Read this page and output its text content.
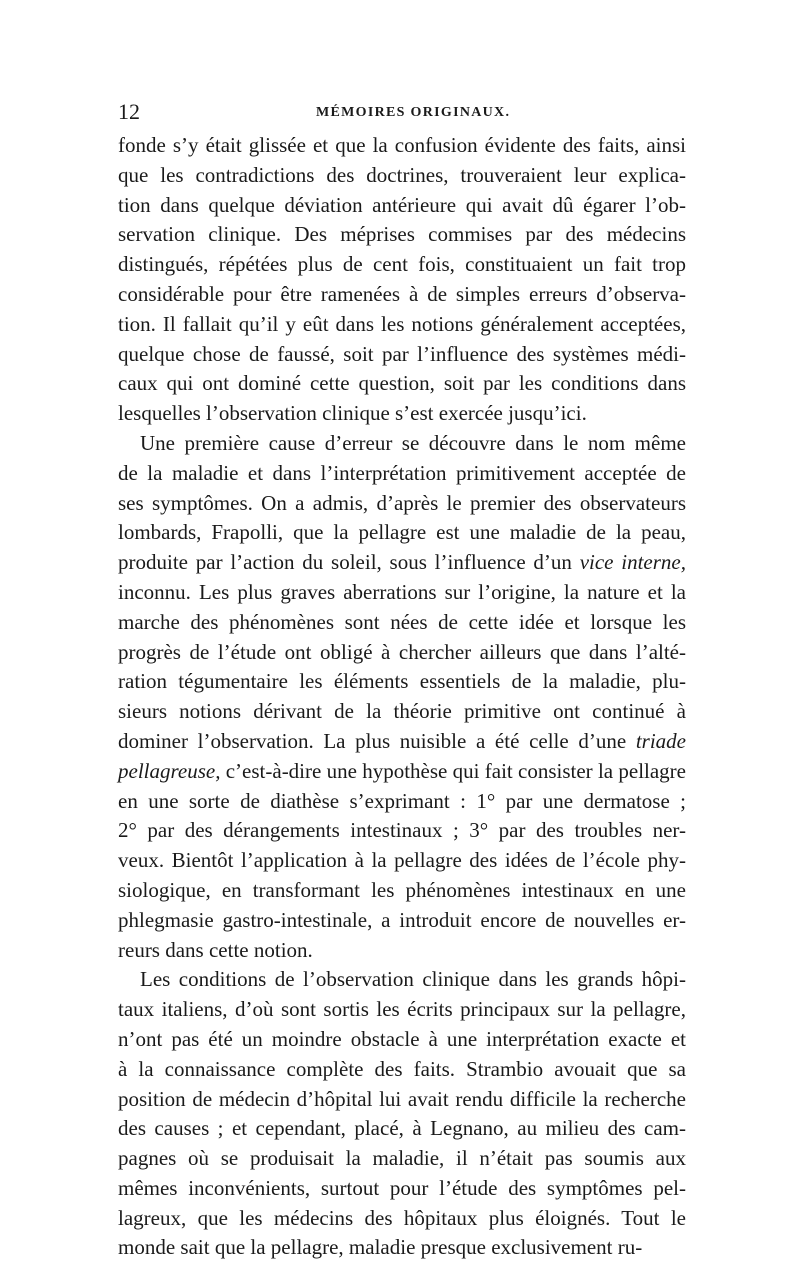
12	MÉMOIRES ORIGINAUX.
fonde s’y était glissée et que la confusion évidente des faits, ainsi
que les contradictions des doctrines, trouveraient leur explica-
tion dans quelque déviation antérieure qui avait dû égarer l’ob-
servation clinique. Des méprises commises par des médecins
distingués, répétées plus de cent fois, constituaient un fait trop
considérable pour être ramenées à de simples erreurs d’observa-
tion. Il fallait qu’il y eût dans les notions généralement acceptées,
quelque chose de faussé, soit par l’influence des systèmes médi-
caux qui ont dominé cette question, soit par les conditions dans
lesquelles l’observation clinique s’est exercée jusqu’ici.
Une première cause d’erreur se découvre dans le nom même
de la maladie et dans l’interprétation primitivement acceptée de
ses symptômes. On a admis, d’après le premier des observateurs
lombards, Frapolli, que la pellagre est une maladie de la peau,
produite par l’action du soleil, sous l’influence d’un vice interne,
inconnu. Les plus graves aberrations sur l’origine, la nature et la
marche des phénomènes sont nées de cette idée et lorsque les
progrès de l’étude ont obligé à chercher ailleurs que dans l’alté-
ration tégumentaire les éléments essentiels de la maladie, plu-
sieurs notions dérivant de la théorie primitive ont continué à
dominer l’observation. La plus nuisible a été celle d’une triade
pellagreuse, c’est-à-dire une hypothèse qui fait consister la pellagre
en une sorte de diathèse s’exprimant : 1° par une dermatose ;
2° par des dérangements intestinaux ; 3° par des troubles ner-
veux. Bientôt l’application à la pellagre des idées de l’école phy-
siologique, en transformant les phénomènes intestinaux en une
phlegmasie gastro-intestinale, a introduit encore de nouvelles er-
reurs dans cette notion.
Les conditions de l’observation clinique dans les grands hôpi-
taux italiens, d’où sont sortis les écrits principaux sur la pellagre,
n’ont pas été un moindre obstacle à une interprétation exacte et
à la connaissance complète des faits. Strambio avouait que sa
position de médecin d’hôpital lui avait rendu difficile la recherche
des causes ; et cependant, placé, à Legnano, au milieu des cam-
pagnes où se produisait la maladie, il n’était pas soumis aux
mêmes inconvénients, surtout pour l’étude des symptômes pel-
lagreux, que les médecins des hôpitaux plus éloignés. Tout le
monde sait que la pellagre, maladie presque exclusivement ru-
